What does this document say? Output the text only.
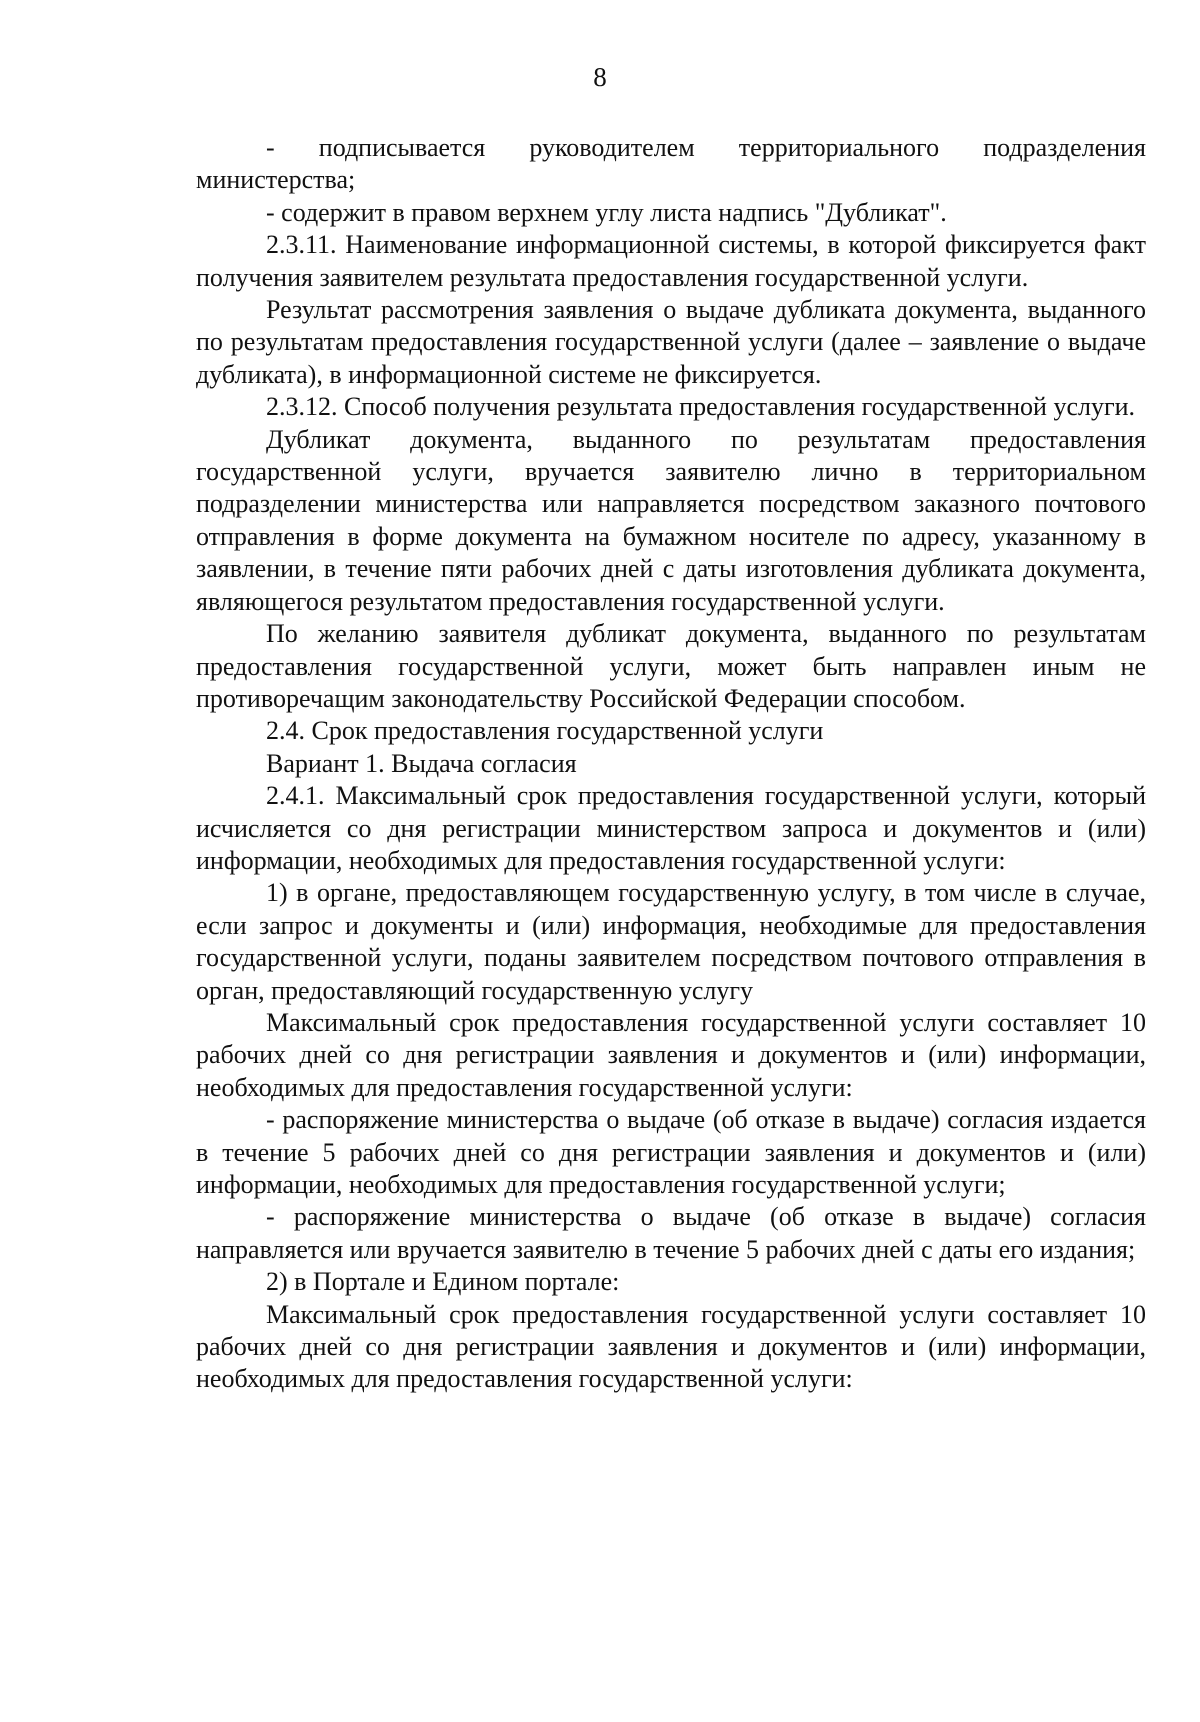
8

- подписывается руководителем территориального подразделения министерства;

- содержит в правом верхнем углу листа надпись "Дубликат".

2.3.11. Наименование информационной системы, в которой фиксируется факт получения заявителем результата предоставления государственной услуги.

Результат рассмотрения заявления о выдаче дубликата документа, выданного по результатам предоставления государственной услуги (далее – заявление о выдаче дубликата), в информационной системе не фиксируется.

2.3.12. Способ получения результата предоставления государственной услуги.

Дубликат документа, выданного по результатам предоставления государственной услуги, вручается заявителю лично в территориальном подразделении министерства или направляется посредством заказного почтового отправления в форме документа на бумажном носителе по адресу, указанному в заявлении, в течение пяти рабочих дней с даты изготовления дубликата документа, являющегося результатом предоставления государственной услуги.

По желанию заявителя дубликат документа, выданного по результатам предоставления государственной услуги, может быть направлен иным не противоречащим законодательству Российской Федерации способом.

2.4. Срок предоставления государственной услуги

Вариант 1. Выдача согласия

2.4.1. Максимальный срок предоставления государственной услуги, который исчисляется со дня регистрации министерством запроса и документов и (или) информации, необходимых для предоставления государственной услуги:

1) в органе, предоставляющем государственную услугу, в том числе в случае, если запрос и документы и (или) информация, необходимые для предоставления государственной услуги, поданы заявителем посредством почтового отправления в орган, предоставляющий государственную услугу

Максимальный срок предоставления государственной услуги составляет 10 рабочих дней со дня регистрации заявления и документов и (или) информации, необходимых для предоставления государственной услуги:

- распоряжение министерства о выдаче (об отказе в выдаче) согласия издается в течение 5 рабочих дней со дня регистрации заявления и документов и (или) информации, необходимых для предоставления государственной услуги;

- распоряжение министерства о выдаче (об отказе в выдаче) согласия направляется или вручается заявителю в течение 5 рабочих дней с даты его издания;

2) в Портале и Едином портале:

Максимальный срок предоставления государственной услуги составляет 10 рабочих дней со дня регистрации заявления и документов и (или) информации, необходимых для предоставления государственной услуги:
